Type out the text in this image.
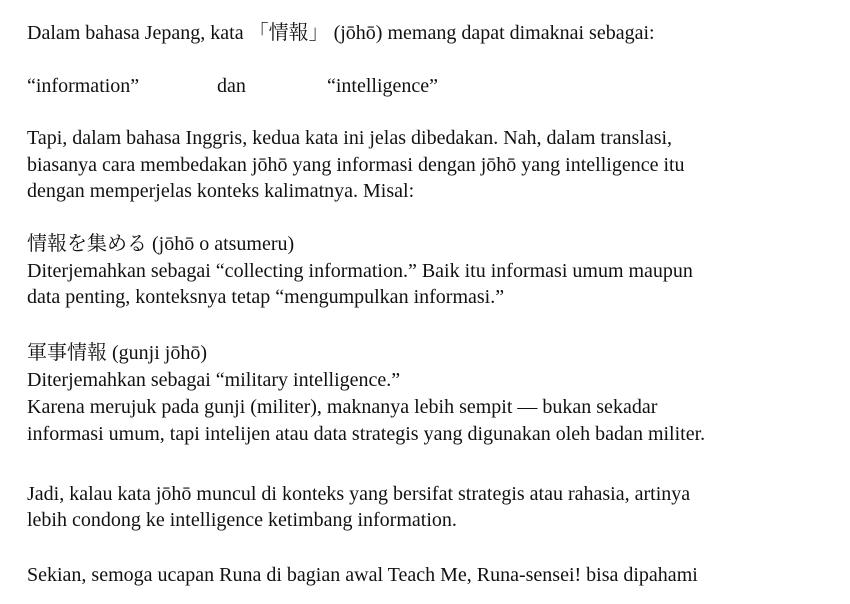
Dalam bahasa Jepang, kata 「情報」 (jōhō) memang dapat dimaknai sebagai:
“information”	dan	“intelligence”
Tapi, dalam bahasa Inggris, kedua kata ini jelas dibedakan. Nah, dalam translasi,
biasanya cara membedakan jōhō yang informasi dengan jōhō yang intelligence itu
dengan memperjelas konteks kalimatnya. Misal:
情報を集める (jōhō o atsumeru)
Diterjemahkan sebagai “collecting information.” Baik itu informasi umum maupun
data penting, konteksnya tetap “mengumpulkan informasi.”
軍事情報 (gunji jōhō)
Diterjemahkan sebagai “military intelligence.”
Karena merujuk pada gunji (militer), maknanya lebih sempit — bukan sekadar
informasi umum, tapi intelijen atau data strategis yang digunakan oleh badan militer.
Jadi, kalau kata jōhō muncul di konteks yang bersifat strategis atau rahasia, artinya
lebih condong ke intelligence ketimbang information.
Sekian, semoga ucapan Runa di bagian awal Teach Me, Runa-sensei! bisa dipahami
